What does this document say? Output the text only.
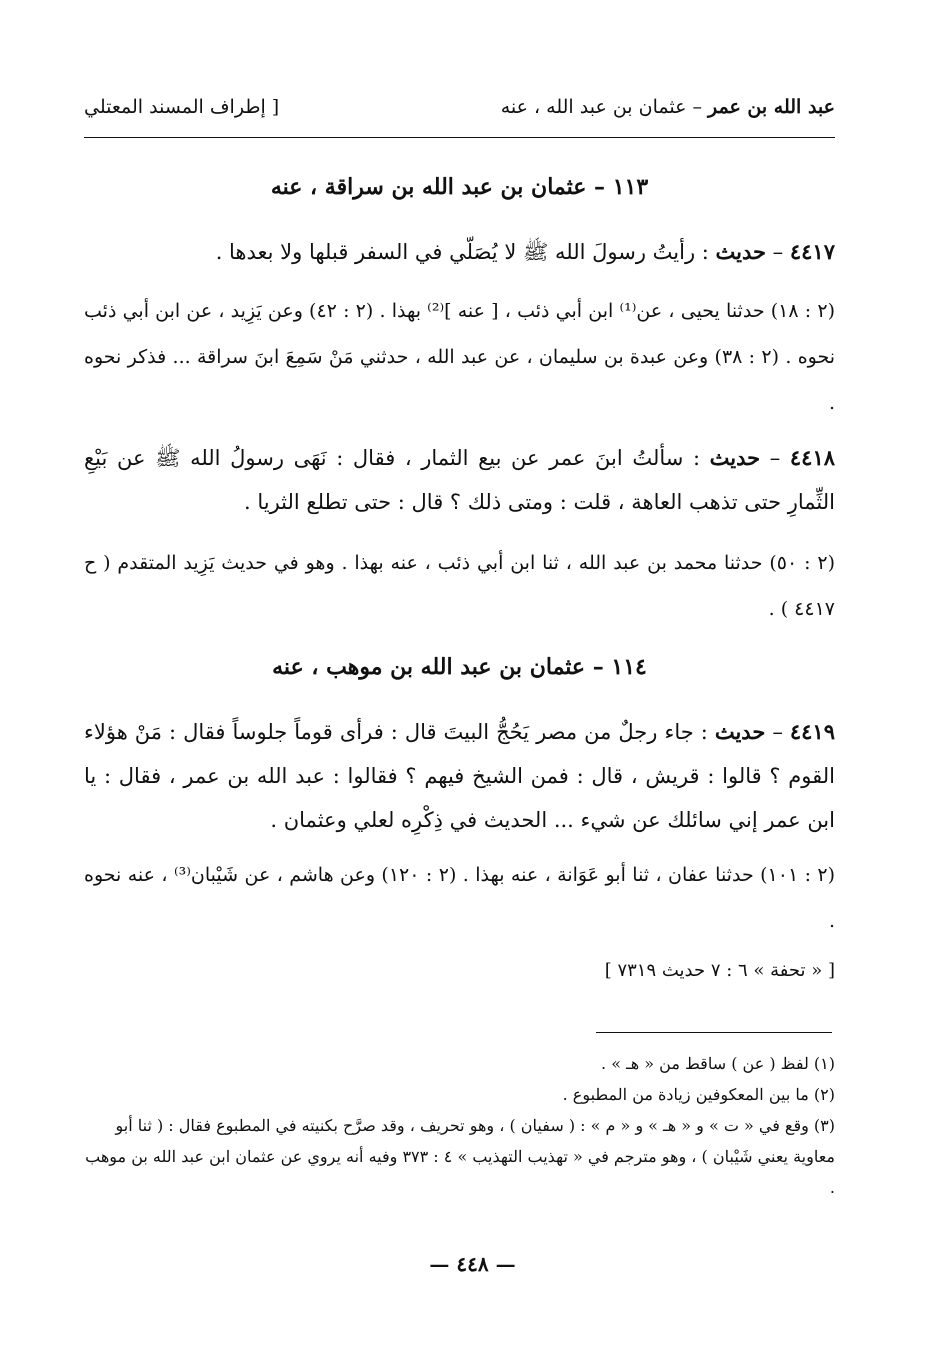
عبد الله بن عمر – عثمان بن عبد الله ، عنه
[ إطراف المسند المعتلي
١١٣ – عثمان بن عبد الله بن سراقة ، عنه
٤٤١٧ – حديث : رأيتُ رسولَ الله ﷺ لا يُصَلّي في السفر قبلها ولا بعدها .
(٢ : ١٨) حدثنا يحيى ، عن⁽¹⁾ ابن أبي ذئب ، [ عنه ]⁽²⁾ بهذا . (٢ : ٤٢) وعن يَزِيد ، عن ابن أبي ذئب نحوه . (٢ : ٣٨) وعن عبدة بن سليمان ، عن عبد الله ، حدثني مَنْ سَمِعَ ابنَ سراقة ... فذكر نحوه .
٤٤١٨ – حديث : سألتُ ابنَ عمر عن بيع الثمار ، فقال : نَهَى رسولُ الله ﷺ عن بَيْعِ الثِّمارِ حتى تذهب العاهة ، قلت : ومتى ذلك ؟ قال : حتى تطلع الثريا .
(٢ : ٥٠) حدثنا محمد بن عبد الله ، ثنا ابن أبي ذئب ، عنه بهذا . وهو في حديث يَزِيد المتقدم ( ح ٤٤١٧ ) .
١١٤ – عثمان بن عبد الله بن موهب ، عنه
٤٤١٩ – حديث : جاء رجلٌ من مصر يَحُجُّ البيتَ قال : فرأى قوماً جلوساً فقال : مَنْ هؤلاء القوم ؟ قالوا : قريش ، قال : فمن الشيخ فيهم ؟ فقالوا : عبد الله بن عمر ، فقال : يا ابن عمر إني سائلك عن شيء ... الحديث في ذِكْرِه لعلي وعثمان .
(٢ : ١٠١) حدثنا عفان ، ثنا أبو عَوَانة ، عنه بهذا . (٢ : ١٢٠) وعن هاشم ، عن شَيْبان⁽³⁾ ، عنه نحوه .
[ « تحفة » ٦ : ٧ حديث ٧٣١٩ ]

(١) لفظ ( عن ) ساقط من « هـ » .

(٢) ما بين المعكوفين زيادة من المطبوع .

(٣) وقع في « ت » و « هـ » و « م » : ( سفيان ) ، وهو تحريف ، وقد صرَّح بكنيته في المطبوع فقال : ( ثنا أبو معاوية يعني شَيْبان ) ، وهو مترجم في « تهذيب التهذيب » ٤ : ٣٧٣ وفيه أنه يروي عن عثمان ابن عبد الله بن موهب .

— ٤٤٨ —
